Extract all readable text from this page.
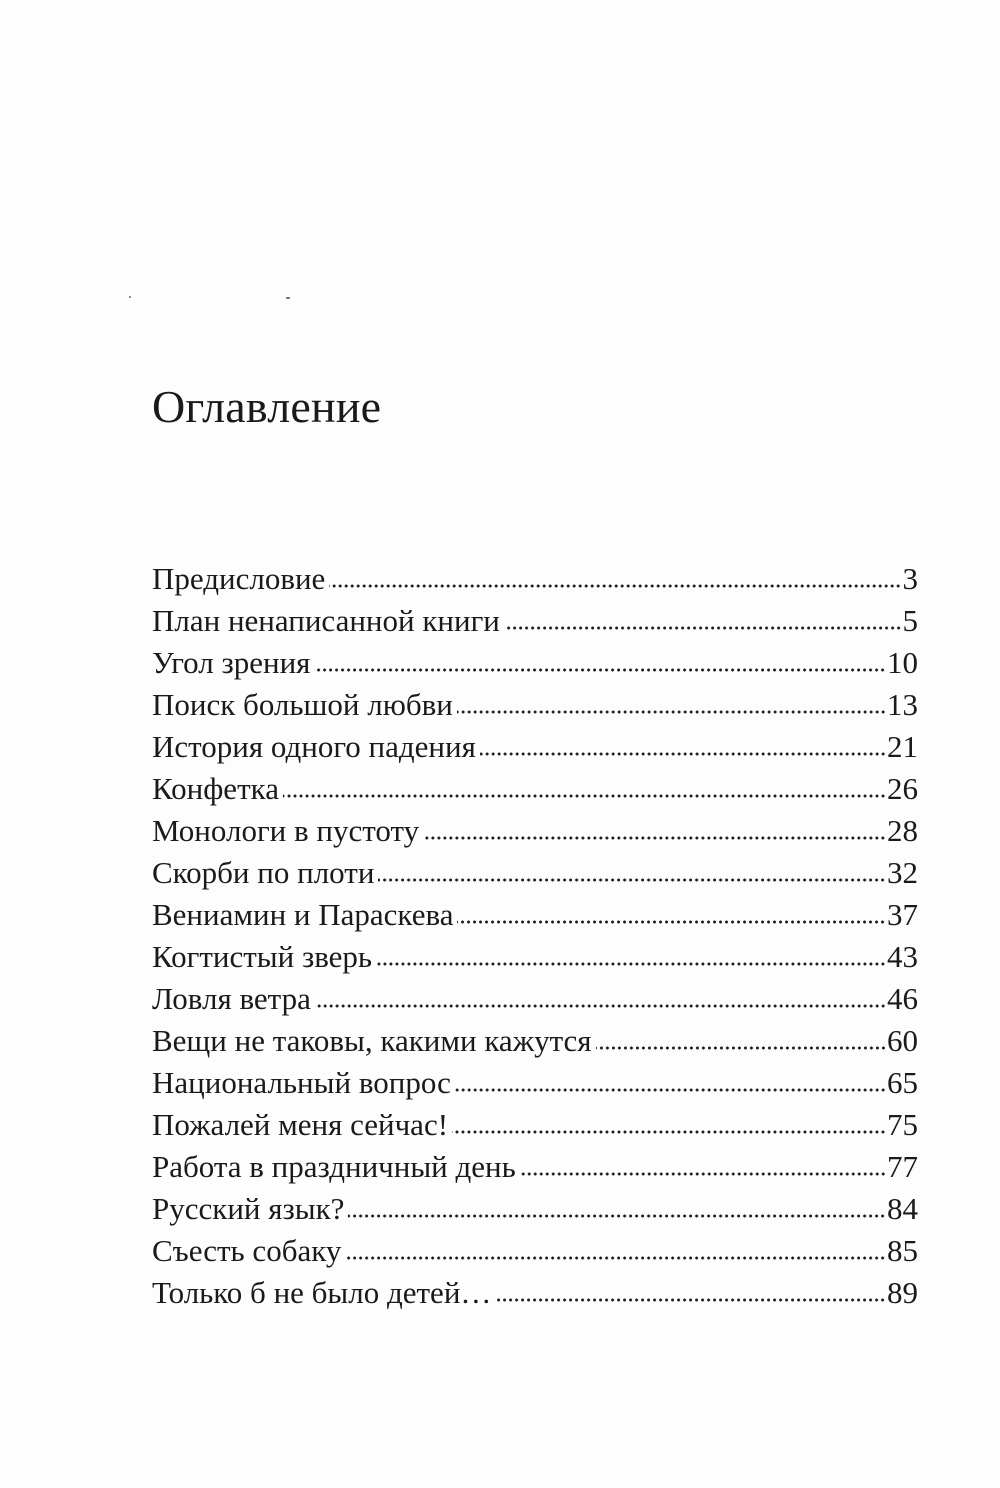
Оглавление
Предисловие	3
План ненаписанной книги	5
Угол зрения	10
Поиск большой любви	13
История одного падения	21
Конфетка	26
Монологи в пустоту	28
Скорби по плоти	32
Вениамин и Параскева	37
Когтистый зверь	43
Ловля ветра	46
Вещи не таковы, какими кажутся	60
Национальный вопрос	65
Пожалей меня сейчас!	75
Работа в праздничный день	77
Русский язык?	84
Съесть собаку	85
Только б не было детей…	89
